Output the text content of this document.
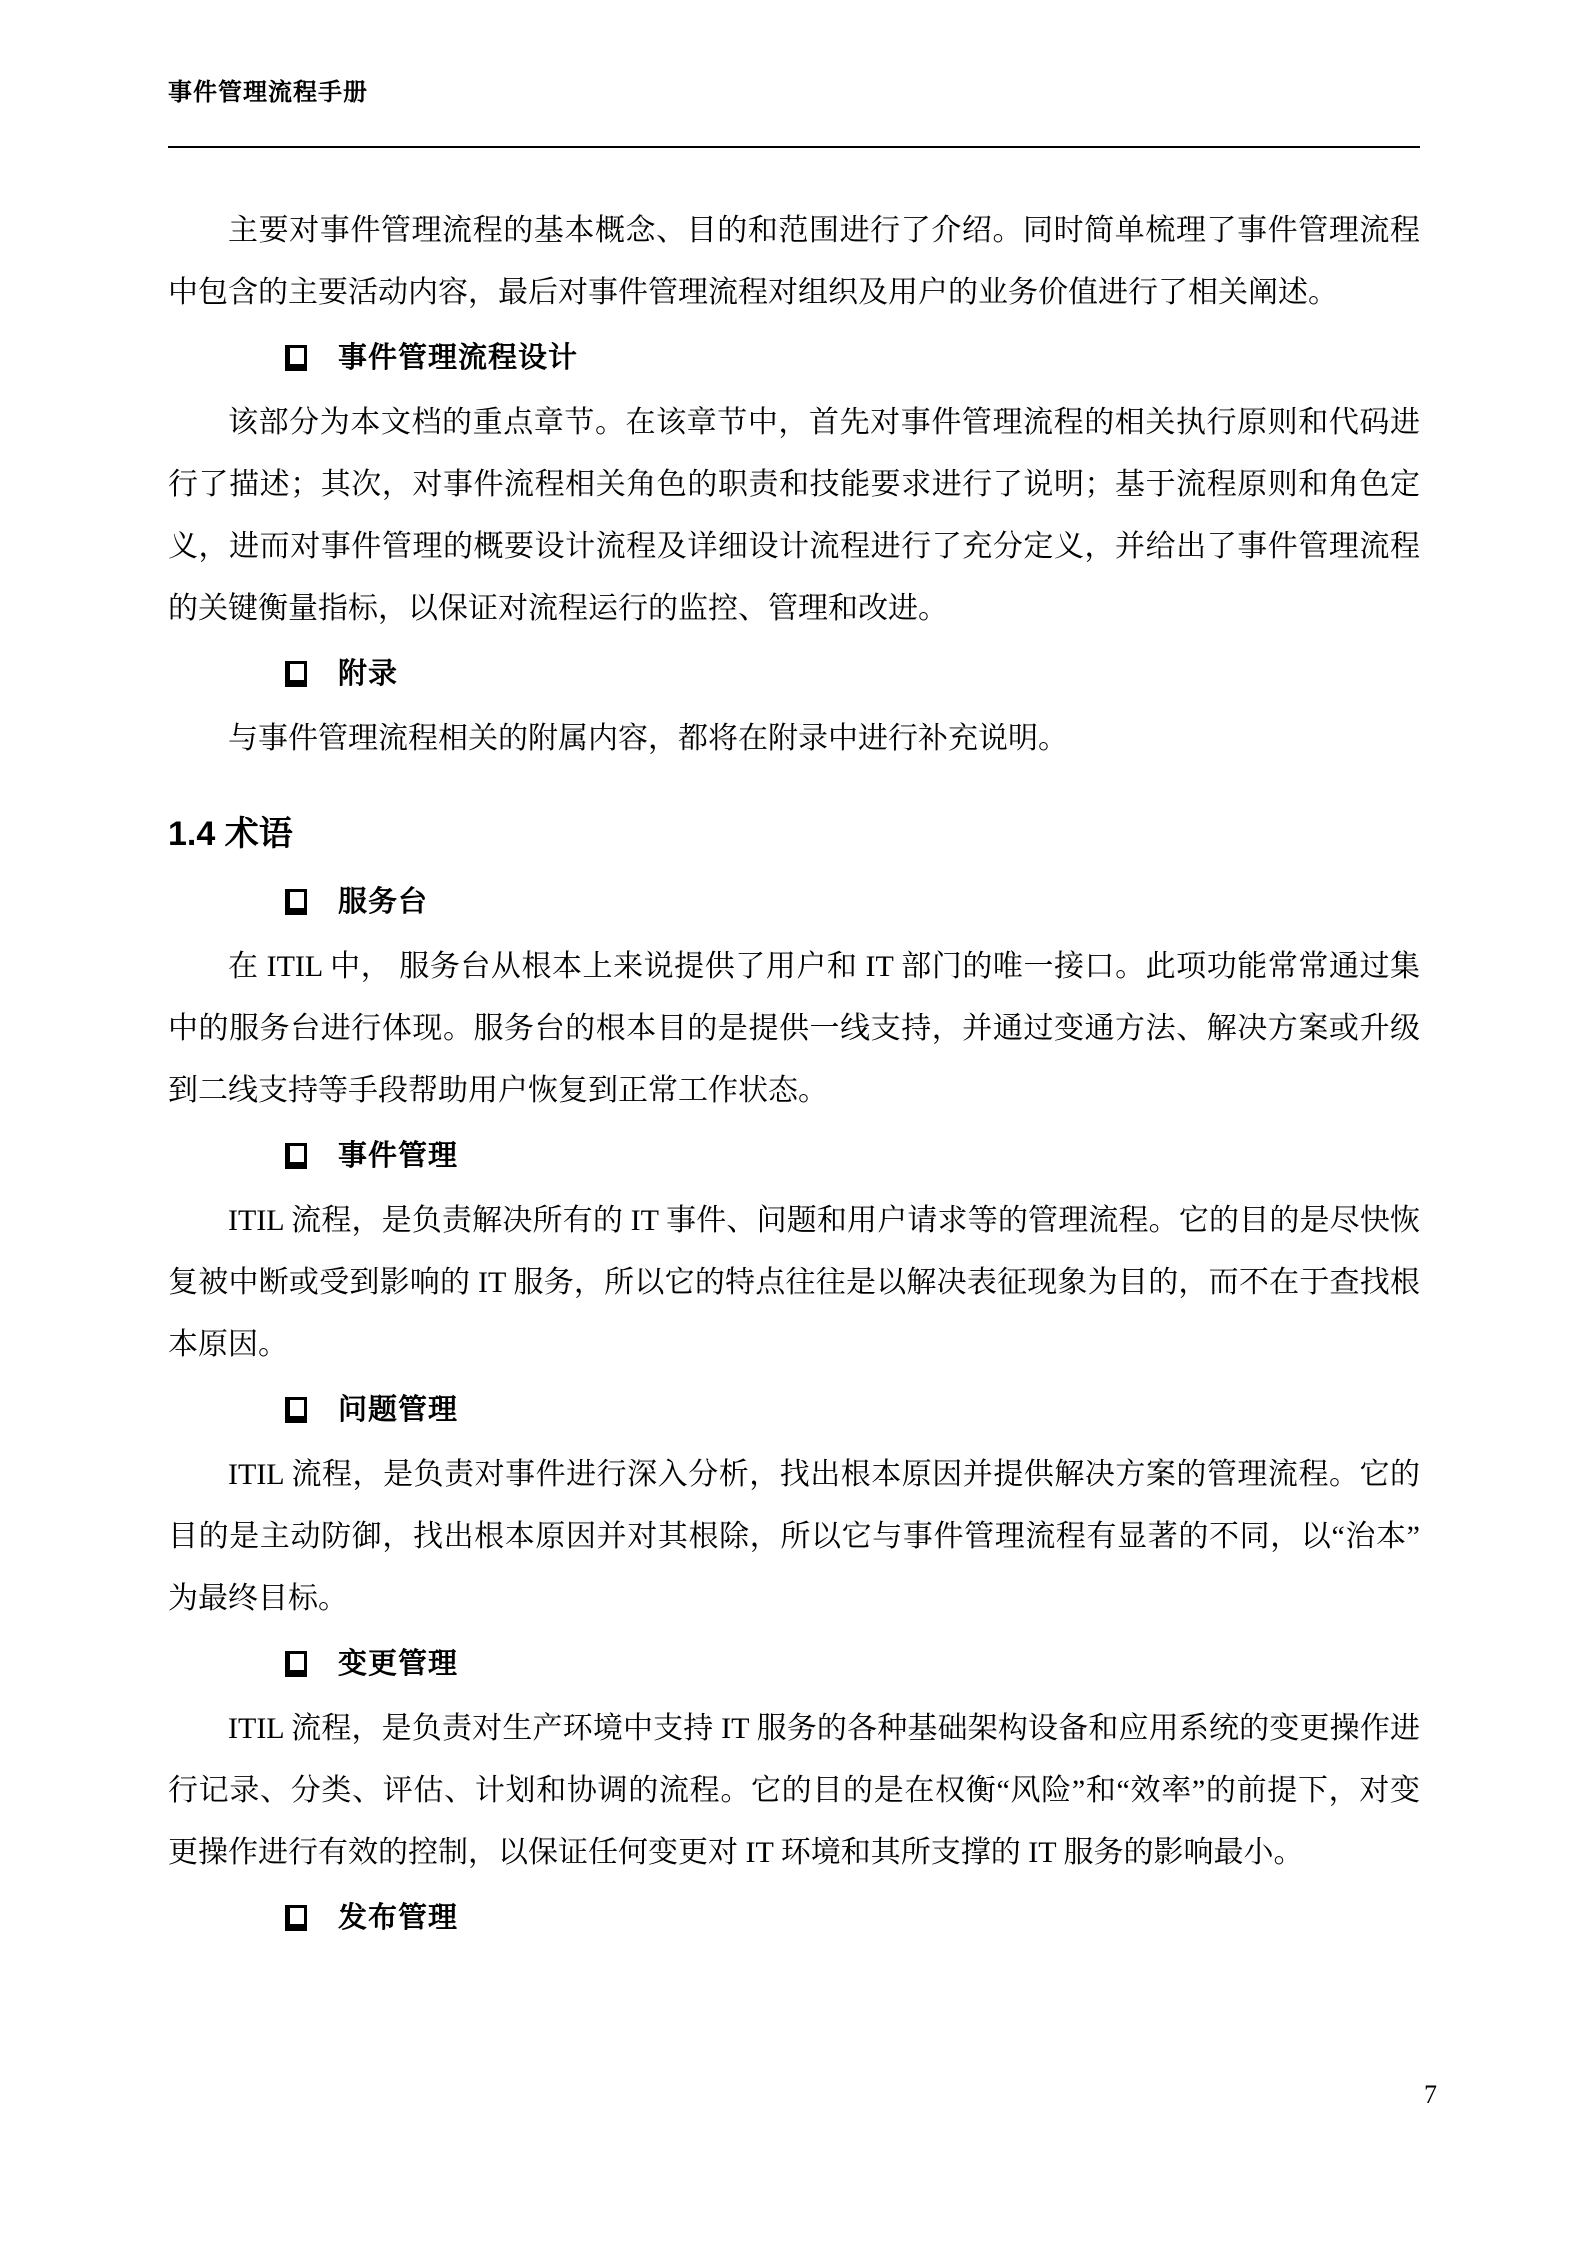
事件管理流程手册

主要对事件管理流程的基本概念、目的和范围进行了介绍。同时简单梳理了事件管理流程中包含的主要活动内容，最后对事件管理流程对组织及用户的业务价值进行了相关阐述。

事件管理流程设计

该部分为本文档的重点章节。在该章节中，首先对事件管理流程的相关执行原则和代码进行了描述；其次，对事件流程相关角色的职责和技能要求进行了说明；基于流程原则和角色定义，进而对事件管理的概要设计流程及详细设计流程进行了充分定义，并给出了事件管理流程的关键衡量指标，以保证对流程运行的监控、管理和改进。

附录

与事件管理流程相关的附属内容，都将在附录中进行补充说明。

1.4 术语
服务台

在 ITIL 中， 服务台从根本上来说提供了用户和 IT 部门的唯一接口。此项功能常常通过集中的服务台进行体现。服务台的根本目的是提供一线支持，并通过变通方法、解决方案或升级到二线支持等手段帮助用户恢复到正常工作状态。

事件管理

ITIL 流程，是负责解决所有的 IT 事件、问题和用户请求等的管理流程。它的目的是尽快恢复被中断或受到影响的 IT 服务，所以它的特点往往是以解决表征现象为目的，而不在于查找根本原因。

问题管理

ITIL 流程，是负责对事件进行深入分析，找出根本原因并提供解决方案的管理流程。它的目的是主动防御，找出根本原因并对其根除，所以它与事件管理流程有显著的不同，以“治本”为最终目标。

变更管理

ITIL 流程，是负责对生产环境中支持 IT 服务的各种基础架构设备和应用系统的变更操作进行记录、分类、评估、计划和协调的流程。它的目的是在权衡“风险”和“效率”的前提下，对变更操作进行有效的控制，以保证任何变更对 IT 环境和其所支撑的 IT 服务的影响最小。

发布管理
7
